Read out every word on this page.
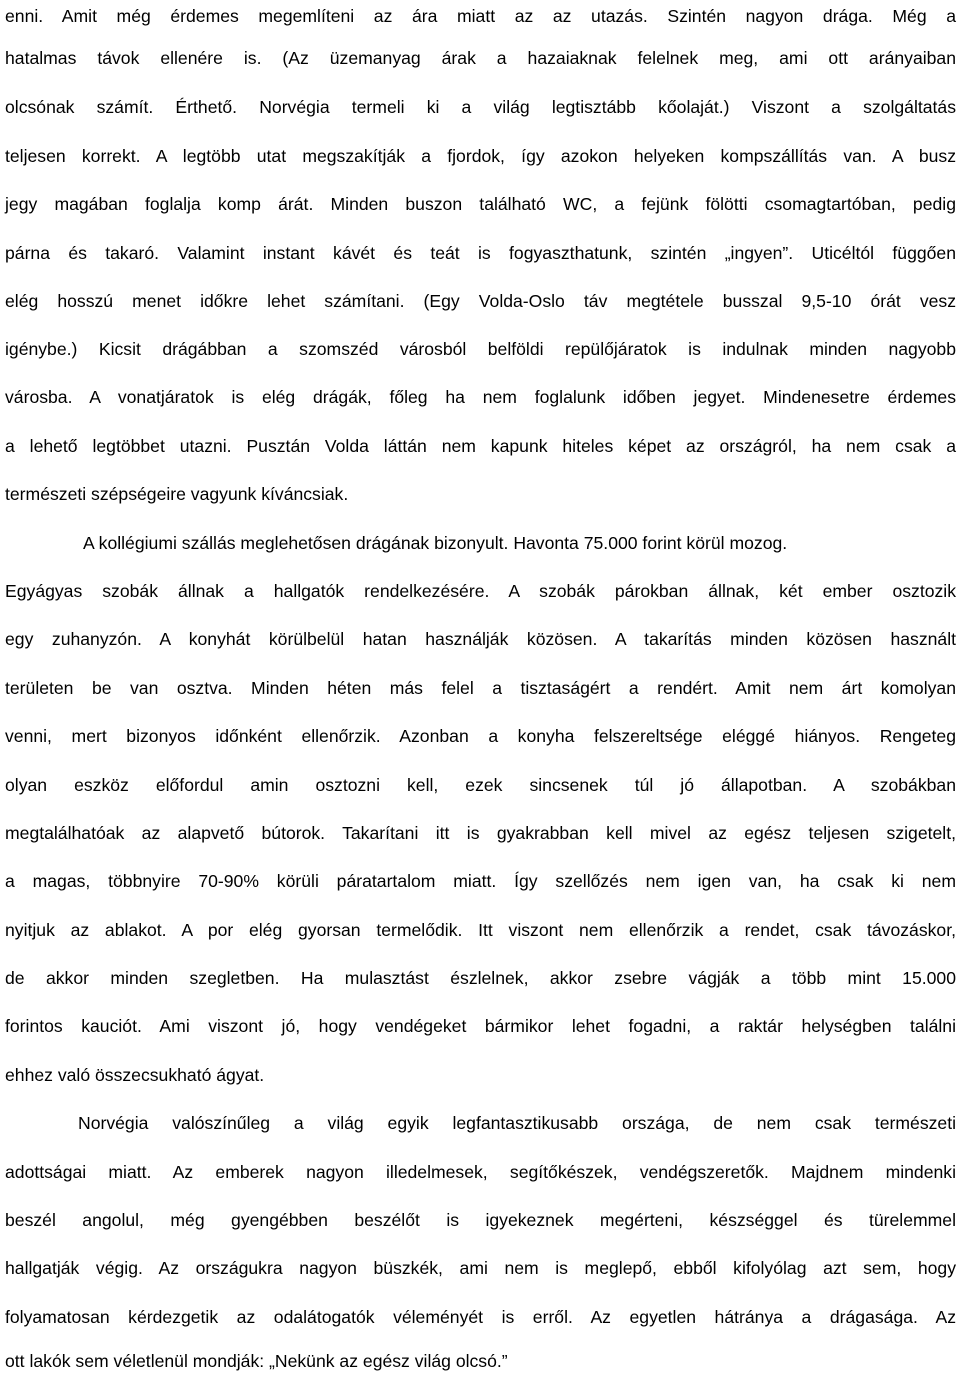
enni. Amit még érdemes megemlíteni az ára miatt az az utazás. Szintén nagyon drága. Még a
hatalmas távok ellenére is. (Az üzemanyag árak a hazaiaknak felelnek meg, ami ott arányaiban
olcsónak számít. Érthető. Norvégia termeli ki a világ legtisztább kőolaját.) Viszont a szolgáltatás
teljesen korrekt. A legtöbb utat megszakítják a fjordok, így azokon helyeken kompszállítás van. A busz
jegy magában foglalja komp árát. Minden buszon található WC, a fejünk fölötti csomagtartóban, pedig
párna és takaró. Valamint instant kávét és teát is fogyaszthatunk, szintén „ingyen”. Uticéltól függően
elég hosszú menet időkre lehet számítani. (Egy Volda-Oslo táv megtétele busszal 9,5-10 órát vesz
igénybe.) Kicsit drágábban a szomszéd városból belföldi repülőjáratok is indulnak minden nagyobb
városba. A vonatjáratok is elég drágák, főleg ha nem foglalunk időben jegyet. Mindenesetre érdemes
a lehető legtöbbet utazni. Pusztán Volda láttán nem kapunk hiteles képet az országról, ha nem csak a
természeti szépségeire vagyunk kíváncsiak.
A kollégiumi szállás meglehetősen drágának bizonyult. Havonta 75.000 forint körül mozog.
Egyágyas szobák állnak a hallgatók rendelkezésére. A szobák párokban állnak, két ember osztozik
egy zuhanyzón. A konyhát körülbelül hatan használják közösen. A takarítás minden közösen használt
területen be van osztva. Minden héten más felel a tisztaságért a rendért. Amit nem árt komolyan
venni, mert bizonyos időnként ellenőrzik. Azonban a konyha felszereltsége eléggé hiányos. Rengeteg
olyan eszköz előfordul amin osztozni kell, ezek sincsenek túl jó állapotban. A szobákban
megtalálhatóak az alapvető bútorok. Takarítani itt is gyakrabban kell mivel az egész teljesen szigetelt,
a magas, többnyire 70-90% körüli páratartalom miatt. Így szellőzés nem igen van, ha csak ki nem
nyitjuk az ablakot. A por elég gyorsan termelődik. Itt viszont nem ellenőrzik a rendet, csak távozáskor,
de akkor minden szegletben. Ha mulasztást észlelnek, akkor zsebre vágják a több mint 15.000
forintos kauciót. Ami viszont jó, hogy vendégeket bármikor lehet fogadni, a raktár helységben találni
ehhez való összecsukható ágyat.
Norvégia valószínűleg a világ egyik legfantasztikusabb országa, de nem csak természeti
adottságai miatt. Az emberek nagyon illedelmesek, segítőkészek, vendégszeretők. Majdnem mindenki
beszél angolul, még gyengébben beszélőt is igyekeznek megérteni, készséggel és türelemmel
hallgatják végig. Az országukra nagyon büszkék, ami nem is meglepő, ebből kifolyólag azt sem, hogy
folyamatosan kérdezgetik az odalátogatók véleményét is erről. Az egyetlen hátránya a drágasága. Az
ott lakók sem véletlenül mondják: „Nekünk az egész világ olcsó.”
